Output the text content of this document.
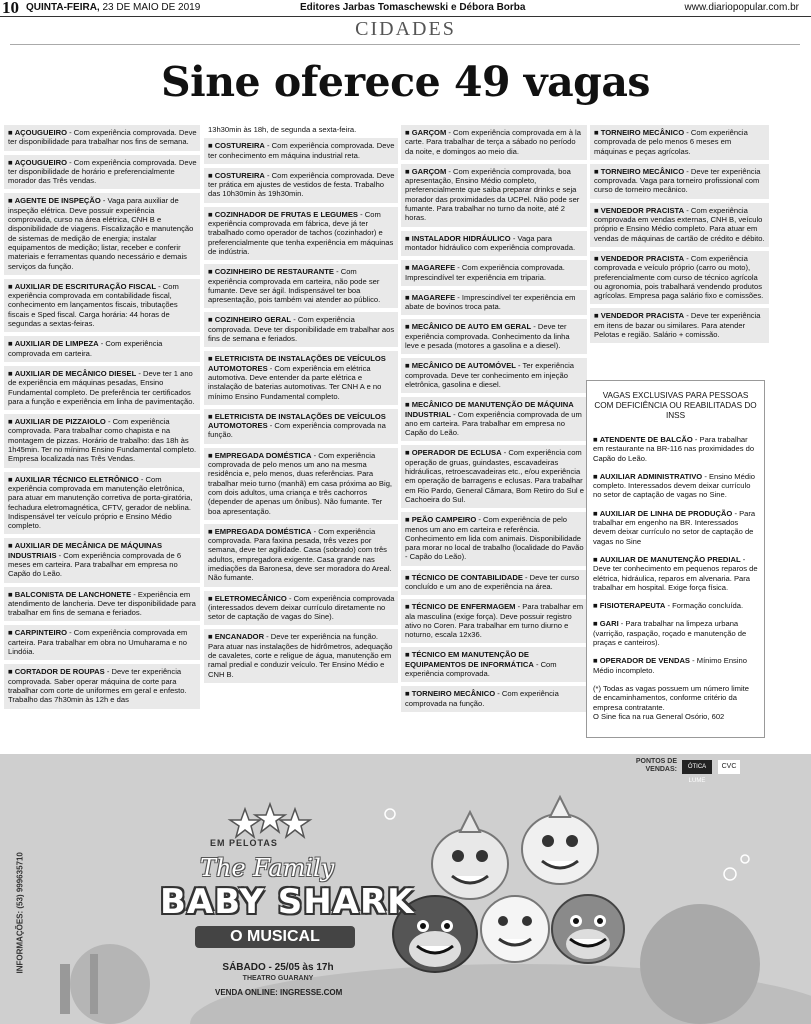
10 QUINTA-FEIRA, 23 DE MAIO DE 2019	Editores Jarbas Tomaschewski e Débora Borba	www.diariopopular.com.br
CIDADES
Sine oferece 49 vagas
■ AÇOUGUEIRO - Com experiência comprovada. Deve ter disponibilidade para trabalhar nos fins de semana.
■ AÇOUGUEIRO - Com experiência comprovada. Deve ter disponibilidade de horário e preferencialmente morador das Três vendas.
■ AGENTE DE INSPEÇÃO - Vaga para auxiliar de inspeção elétrica. Deve possuir experiência comprovada, curso na área elétrica, CNH B e disponibilidade de viagens. Fiscalização e manutenção de sistemas de medição de energia; instalar equipamentos de medição; listar, receber e conferir materiais e ferramentas quando necessário e demais serviços da função.
■ AUXILIAR DE ESCRITURAÇÃO FISCAL - Com experiência comprovada em contabilidade fiscal, conhecimento em lançamentos fiscais, tributações fiscais e Sped fiscal. Carga horária: 44 horas de segundas a sextas-feiras.
■ AUXILIAR DE LIMPEZA - Com experiência comprovada em carteira.
■ AUXILIAR DE MECÂNICO DIESEL - Deve ter 1 ano de experiência em máquinas pesadas, Ensino Fundamental completo. De preferência ter certificados para a função e experiência em linha de pavimentação.
■ AUXILIAR DE PIZZAIOLO - Com experiência comprovada. Para trabalhar como chapista e na montagem de pizzas. Horário de trabalho: das 18h às 1h45min. Ter no mínimo Ensino Fundamental completo. Empresa localizada nas Três Vendas.
■ AUXILIAR TÉCNICO ELETRÔNICO - Com experiência comprovada em manutenção eletrônica, para atuar em manutenção corretiva de porta-giratória, fechadura eletromagnética, CFTV, gerador de neblina. Indispensável ter veículo próprio e Ensino Médio completo.
■ AUXILIAR DE MECÂNICA DE MÁQUINAS INDUSTRIAIS - Com experiência comprovada de 6 meses em carteira. Para trabalhar em empresa no Capão do Leão.
■ BALCONISTA DE LANCHONETE - Experiência em atendimento de lancheria. Deve ter disponibilidade para trabalhar em fins de semana e feriados.
■ CARPINTEIRO - Com experiência comprovada em carteira. Para trabalhar em obra no Umuharama e no Lindóia.
■ CORTADOR DE ROUPAS - Deve ter experiência comprovada. Saber operar máquina de corte para trabalhar com corte de uniformes em geral e enfesto. Trabalho das 7h30min às 12h e das
13h30min às 18h, de segunda a sexta-feira.
■ COSTUREIRA - Com experiência comprovada. Deve ter conhecimento em máquina industrial reta.
■ COSTUREIRA - Com experiência comprovada. Deve ter prática em ajustes de vestidos de festa. Trabalho das 10h30min às 19h30min.
■ COZINHADOR DE FRUTAS E LEGUMES - Com experiência comprovada em fábrica, deve já ter trabalhado como operador de tachos (cozinhador) e preferencialmente que tenha experiência em máquinas de indústria.
■ COZINHEIRO DE RESTAURANTE - Com experiência comprovada em carteira, não pode ser fumante. Deve ser ágil. Indispensável ter boa apresentação, pois também vai atender ao público.
■ COZINHEIRO GERAL - Com experiência comprovada. Deve ter disponibilidade em trabalhar aos fins de semana e feriados.
■ ELETRICISTA DE INSTALAÇÕES DE VEÍCULOS AUTOMOTORES - Com experiência em elétrica automotiva. Deve entender da parte elétrica e instalação de baterias automotivas. Ter CNH A e no mínimo Ensino Fundamental completo.
■ ELETRICISTA DE INSTALAÇÕES DE VEÍCULOS AUTOMOTORES - Com experiência comprovada na função.
■ EMPREGADA DOMÉSTICA - Com experiência comprovada de pelo menos um ano na mesma residência e, pelo menos, duas referências. Para trabalhar meio turno (manhã) em casa próxima ao Big, com dois adultos, uma criança e três cachorros (depender de apenas um ônibus). Não fumante. Ter boa apresentação.
■ EMPREGADA DOMÉSTICA - Com experiência comprovada. Para faxina pesada, três vezes por semana, deve ter agilidade. Casa (sobrado) com três adultos, empregadora exigente. Casa grande nas imediações da Baronesa, deve ser moradora do Areal. Não fumante.
■ ELETROMECÂNICO - Com experiência comprovada (interessados devem deixar currículo diretamente no setor de captação de vagas do Sine).
■ ENCANADOR - Deve ter experiência na função. Para atuar nas instalações de hidrômetros, adequação de cavaletes, corte e religue de água, manutenção em ramal predial e conduzir veículo. Ter Ensino Médio e CNH B.
■ GARÇOM - Com experiência comprovada em à la carte. Para trabalhar de terça a sábado no período da noite, e domingos ao meio dia.
■ GARÇOM - Com experiência comprovada, boa apresentação, Ensino Médio completo, preferencialmente que saiba preparar drinks e seja morador das proximidades da UCPel. Não pode ser fumante. Para trabalhar no turno da noite, até 2 horas.
■ INSTALADOR HIDRÁULICO - Vaga para montador hidráulico com experiência comprovada.
■ MAGAREFE - Com experiência comprovada. Imprescindível ter experiência em triparia.
■ MAGAREFE - Imprescindível ter experiência em abate de bovinos troca pata.
■ MECÂNICO DE AUTO EM GERAL - Deve ter experiência comprovada. Conhecimento da linha leve e pesada (motores a gasolina e a diesel).
■ MECÂNICO DE AUTOMÓVEL - Ter experiência comprovada. Deve ter conhecimento em injeção eletrônica, gasolina e diesel.
■ MECÂNICO DE MANUTENÇÃO DE MÁQUINA INDUSTRIAL - Com experiência comprovada de um ano em carteira. Para trabalhar em empresa no Capão do Leão.
■ OPERADOR DE ECLUSA - Com experiência com operação de gruas, guindastes, escavadeiras hidráulicas, retroescavadeiras etc., e/ou experiência em operação de barragens e eclusas. Para trabalhar em Rio Pardo, General Câmara, Bom Retiro do Sul e Cachoeira do Sul.
■ PEÃO CAMPEIRO - Com experiência de pelo menos um ano em carteira e referência. Conhecimento em lida com animais. Disponibilidade para morar no local de trabalho (localidade do Pavão - Capão do Leão).
■ TÉCNICO DE CONTABILIDADE - Deve ter curso concluído e um ano de experiência na área.
■ TÉCNICO DE ENFERMAGEM - Para trabalhar em ala masculina (exige força). Deve possuir registro ativo no Coren. Para trabalhar em turno diurno e noturno, escala 12x36.
■ TÉCNICO EM MANUTENÇÃO DE EQUIPAMENTOS DE INFORMÁTICA - Com experiência comprovada.
■ TORNEIRO MECÂNICO - Com experiência comprovada na função.
■ TORNEIRO MECÂNICO - Com experiência comprovada de pelo menos 6 meses em máquinas e peças agrícolas.
■ TORNEIRO MECÂNICO - Deve ter experiência comprovada. Vaga para torneiro profissional com curso de torneiro mecânico.
■ VENDEDOR PRACISTA - Com experiência comprovada em vendas externas, CNH B, veículo próprio e Ensino Médio completo. Para atuar em vendas de máquinas de cartão de crédito e débito.
■ VENDEDOR PRACISTA - Com experiência comprovada e veículo próprio (carro ou moto), preferencialmente com curso de técnico agrícola ou agronomia, pois trabalhará vendendo produtos agrícolas. Empresa paga salário fixo e comissões.
■ VENDEDOR PRACISTA - Deve ter experiência em itens de bazar ou similares. Para atender Pelotas e região. Salário + comissão.
VAGAS EXCLUSIVAS PARA PESSOAS COM DEFICIÊNCIA OU REABILITADAS DO INSS
■ ATENDENTE DE BALCÃO - Para trabalhar em restaurante na BR-116 nas proximidades do Capão do Leão.
■ AUXILIAR ADMINISTRATIVO - Ensino Médio completo. Interessados devem deixar currículo no setor de captação de vagas no Sine.
■ AUXILIAR DE LINHA DE PRODUÇÃO - Para trabalhar em engenho na BR. Interessados devem deixar currículo no setor de captação de vagas no Sine
■ AUXILIAR DE MANUTENÇÃO PREDIAL - Deve ter conhecimento em pequenos reparos de elétrica, hidráulica, reparos em alvenaria. Para trabalhar em hospital. Exige força física.
■ FISIOTERAPEUTA - Formação concluída.
■ GARI - Para trabalhar na limpeza urbana (varrição, raspação, roçado e manutenção de praças e canteiros).
■ OPERADOR DE VENDAS - Mínimo Ensino Médio incompleto.
(*) Todas as vagas possuem um número limite de encaminhamentos, conforme critério da empresa contratante.
O Sine fica na rua General Osório, 602
PONTOS DE
VENDAS:	ÓTICA LUME
CVC
INFORMAÇÕES: (53) 999635710
EM PELOTAS
The Family
BABY SHARK
O MUSICAL
SÁBADO - 25/05 às 17h
THEATRO GUARANY
VENDA ONLINE: INGRESSE.COM
